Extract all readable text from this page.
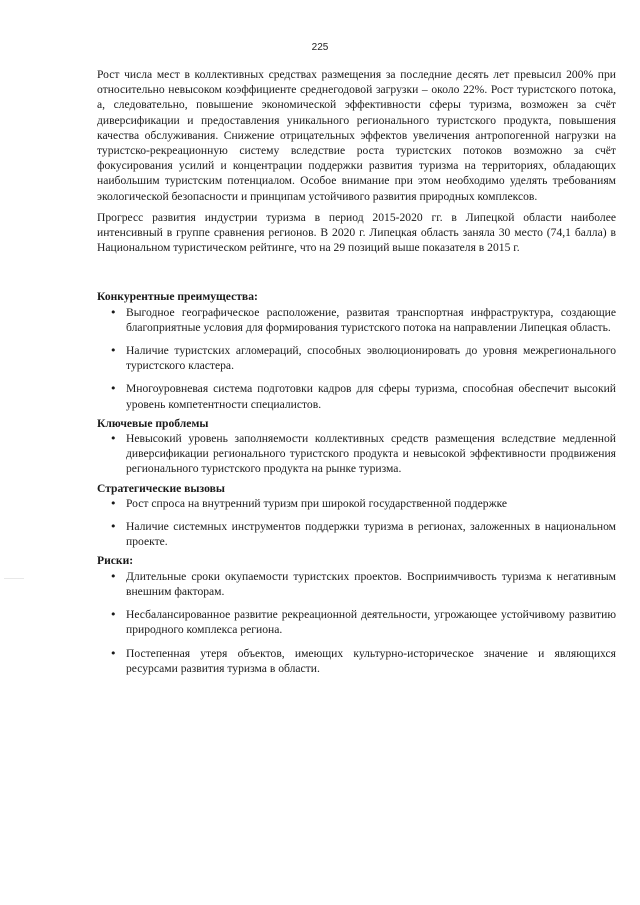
225

Рост числа мест в коллективных средствах размещения за последние десять лет превысил 200% при относительно невысоком коэффициенте среднегодовой загрузки – около 22%. Рост туристского потока, а, следовательно, повышение экономической эффективности сферы туризма, возможен за счёт диверсификации и предоставления уникального регионального туристского продукта, повышения качества обслуживания. Снижение отрицательных эффектов увеличения антропогенной нагрузки на туристско-рекреационную систему вследствие роста туристских потоков возможно за счёт фокусирования усилий и концентрации поддержки развития туризма на территориях, обладающих наибольшим туристским потенциалом. Особое внимание при этом необходимо уделять требованиям экологической безопасности и принципам устойчивого развития природных комплексов.

Прогресс развития индустрии туризма в период 2015-2020 гг. в Липецкой области наиболее интенсивный в группе сравнения регионов. В 2020 г. Липецкая область заняла 30 место (74,1 балла) в Национальном туристическом рейтинге, что на 29 позиций выше показателя в 2015 г.

Конкурентные преимущества:

• Выгодное географическое расположение, развитая транспортная инфраструктура, создающие благоприятные условия для формирования туристского потока на направлении Липецкая область.
• Наличие туристских агломераций, способных эволюционировать до уровня межрегионального туристского кластера.
• Многоуровневая система подготовки кадров для сферы туризма, способная обеспечит высокий уровень компетентности специалистов.

Ключевые проблемы

• Невысокий уровень заполняемости коллективных средств размещения вследствие медленной диверсификации регионального туристского продукта и невысокой эффективности продвижения регионального туристского продукта на рынке туризма.

Стратегические вызовы

• Рост спроса на внутренний туризм при широкой государственной поддержке
• Наличие системных инструментов поддержки туризма в регионах, заложенных в национальном проекте.

Риски:

• Длительные сроки окупаемости туристских проектов. Восприимчивость туризма к негативным внешним факторам.
• Несбалансированное развитие рекреационной деятельности, угрожающее устойчивому развитию природного комплекса региона.
• Постепенная утеря объектов, имеющих культурно-историческое значение и являющихся ресурсами развития туризма в области.
